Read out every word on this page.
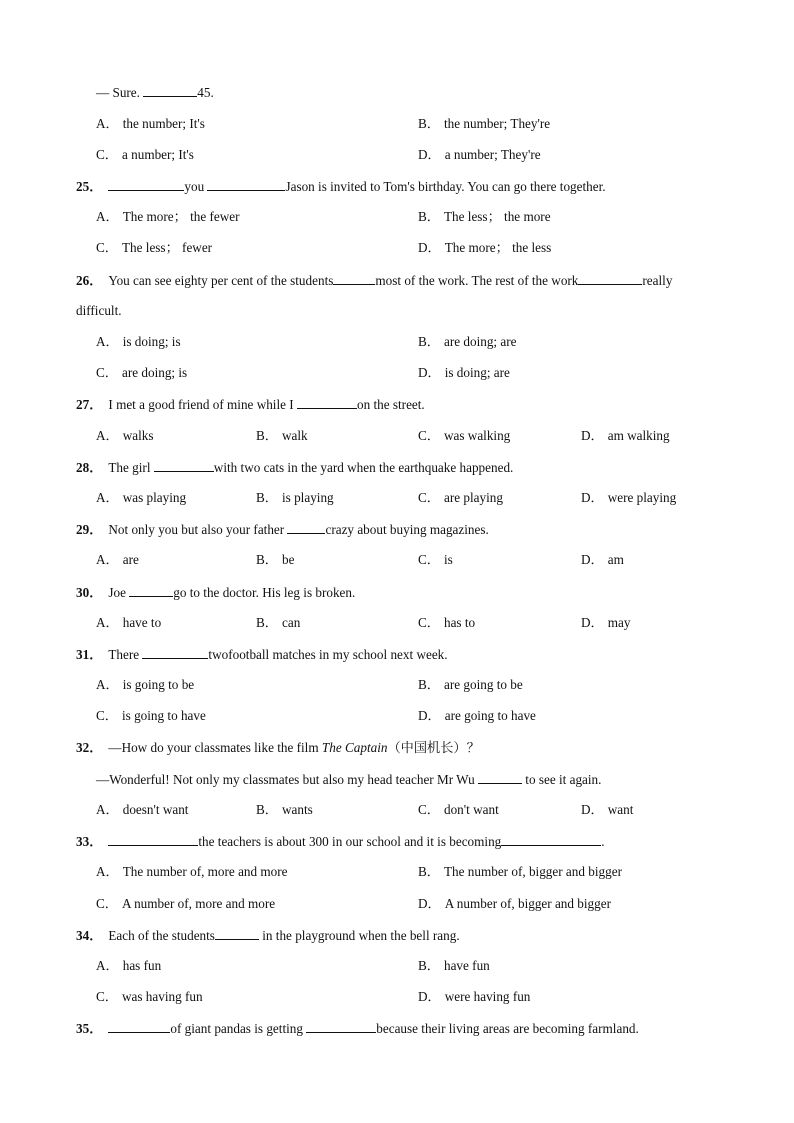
— Sure.	45.
A． the number; It's	B． the number; They're
C． a number; It's	D． a number; They're
25．	you	Jason is invited to Tom's birthday. You can go there together.
A． The more； the fewer	B． The less； the more
C． The less； fewer	D． The more； the less
26． You can see eighty per cent of the students	most of the work. The rest of the work	really
difficult.
A． is doing; is	B． are doing; are
C． are doing; is	D． is doing; are
27． I met a good friend of mine while I	on the street.
A． walks	B． walk	C． was walking	D． am walking
28． The girl	with two cats in the yard when the earthquake happened.
A． was playing	B． is playing	C． are playing	D． were playing
29． Not only you but also your father	crazy about buying magazines.
A． are	B． be	C． is	D． am
30． Joe	go to the doctor. His leg is broken.
A． have to	B． can	C． has to	D． may
31． There	twofootball matches in my school next week.
A． is going to be	B． are going to be
C． is going to have	D． are going to have
32． —How do your classmates like the film The Captain（中国机长）？
—Wonderful! Not only my classmates but also my head teacher Mr Wu	to see it again.
A． doesn't want	B． wants	C． don't want	D． want
33．	the teachers is about 300 in our school and it is becoming	.
A． The number of, more and more	B． The number of, bigger and bigger
C． A number of, more and more	D． A number of, bigger and bigger
34． Each of the students	in the playground when the bell rang.
A． has fun	B． have fun
C． was having fun	D． were having fun
35．	of giant pandas is getting	because their living areas are becoming farmland.
